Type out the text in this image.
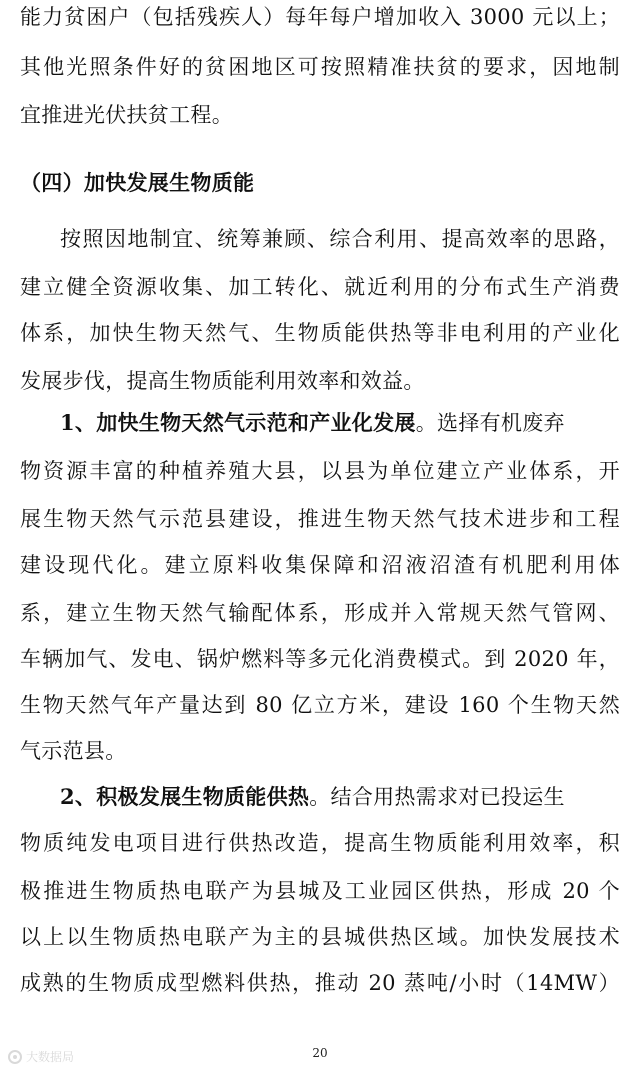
能力贫困户（包括残疾人）每年每户增加收入 3000 元以上；
其他光照条件好的贫困地区可按照精准扶贫的要求，因地制
宜推进光伏扶贫工程。
（四）加快发展生物质能
按照因地制宜、统筹兼顾、综合利用、提高效率的思路，
建立健全资源收集、加工转化、就近利用的分布式生产消费
体系，加快生物天然气、生物质能供热等非电利用的产业化
发展步伐，提高生物质能利用效率和效益。
1、加快生物天然气示范和产业化发展。选择有机废弃
物资源丰富的种植养殖大县，以县为单位建立产业体系，开
展生物天然气示范县建设，推进生物天然气技术进步和工程
建设现代化。建立原料收集保障和沼液沼渣有机肥利用体
系，建立生物天然气输配体系，形成并入常规天然气管网、
车辆加气、发电、锅炉燃料等多元化消费模式。到 2020 年，
生物天然气年产量达到 80 亿立方米，建设 160 个生物天然
气示范县。
2、积极发展生物质能供热。结合用热需求对已投运生
物质纯发电项目进行供热改造，提高生物质能利用效率，积
极推进生物质热电联产为县城及工业园区供热，形成 20 个
以上以生物质热电联产为主的县城供热区域。加快发展技术
成熟的生物质成型燃料供热，推动 20 蒸吨/小时（14MW）
大数据局	20
